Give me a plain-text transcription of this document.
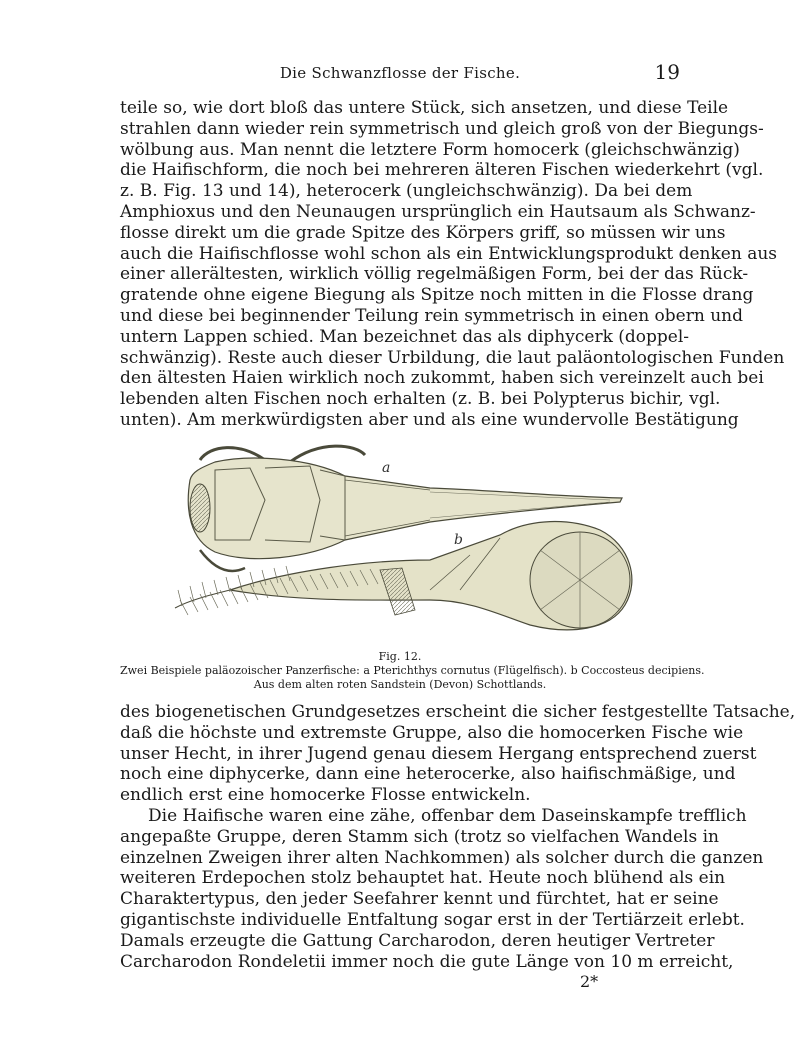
Die Schwanzflosse der Fische.	19
teile so, wie dort bloß das untere Stück, sich ansetzen, und diese Teile
strahlen dann wieder rein symmetrisch und gleich groß von der Biegungs-
wölbung aus. Man nennt die letztere Form homocerk (gleichschwänzig)
die Haifischform, die noch bei mehreren älteren Fischen wiederkehrt (vgl.
z. B. Fig. 13 und 14), heterocerk (ungleichschwänzig). Da bei dem
Amphioxus und den Neunaugen ursprünglich ein Hautsaum als Schwanz-
flosse direkt um die grade Spitze des Körpers griff, so müssen wir uns
auch die Haifischflosse wohl schon als ein Entwicklungsprodukt denken aus
einer allerältesten, wirklich völlig regelmäßigen Form, bei der das Rück-
gratende ohne eigene Biegung als Spitze noch mitten in die Flosse drang
und diese bei beginnender Teilung rein symmetrisch in einen obern und
untern Lappen schied. Man bezeichnet das als diphycerk (doppel-
schwänzig). Reste auch dieser Urbildung, die laut paläontologischen Funden
den ältesten Haien wirklich noch zukommt, haben sich vereinzelt auch bei
lebenden alten Fischen noch erhalten (z. B. bei Polypterus bichir, vgl.
unten). Am merkwürdigsten aber und als eine wundervolle Bestätigung
a
b
Fig. 12.
Zwei Beispiele paläozoischer Panzerfische: a Pterichthys cornutus (Flügelfisch). b Coccosteus decipiens.
Aus dem alten roten Sandstein (Devon) Schottlands.
des biogenetischen Grundgesetzes erscheint die sicher festgestellte Tatsache,
daß die höchste und extremste Gruppe, also die homocerken Fische wie
unser Hecht, in ihrer Jugend genau diesem Hergang entsprechend zuerst
noch eine diphycerke, dann eine heterocerke, also haifischmäßige, und
endlich erst eine homocerke Flosse entwickeln.
Die Haifische waren eine zähe, offenbar dem Daseinskampfe trefflich
angepaßte Gruppe, deren Stamm sich (trotz so vielfachen Wandels in
einzelnen Zweigen ihrer alten Nachkommen) als solcher durch die ganzen
weiteren Erdepochen stolz behauptet hat. Heute noch blühend als ein
Charaktertypus, den jeder Seefahrer kennt und fürchtet, hat er seine
gigantischste individuelle Entfaltung sogar erst in der Tertiärzeit erlebt.
Damals erzeugte die Gattung Carcharodon, deren heutiger Vertreter
Carcharodon Rondeletii immer noch die gute Länge von 10 m erreicht,
2*
